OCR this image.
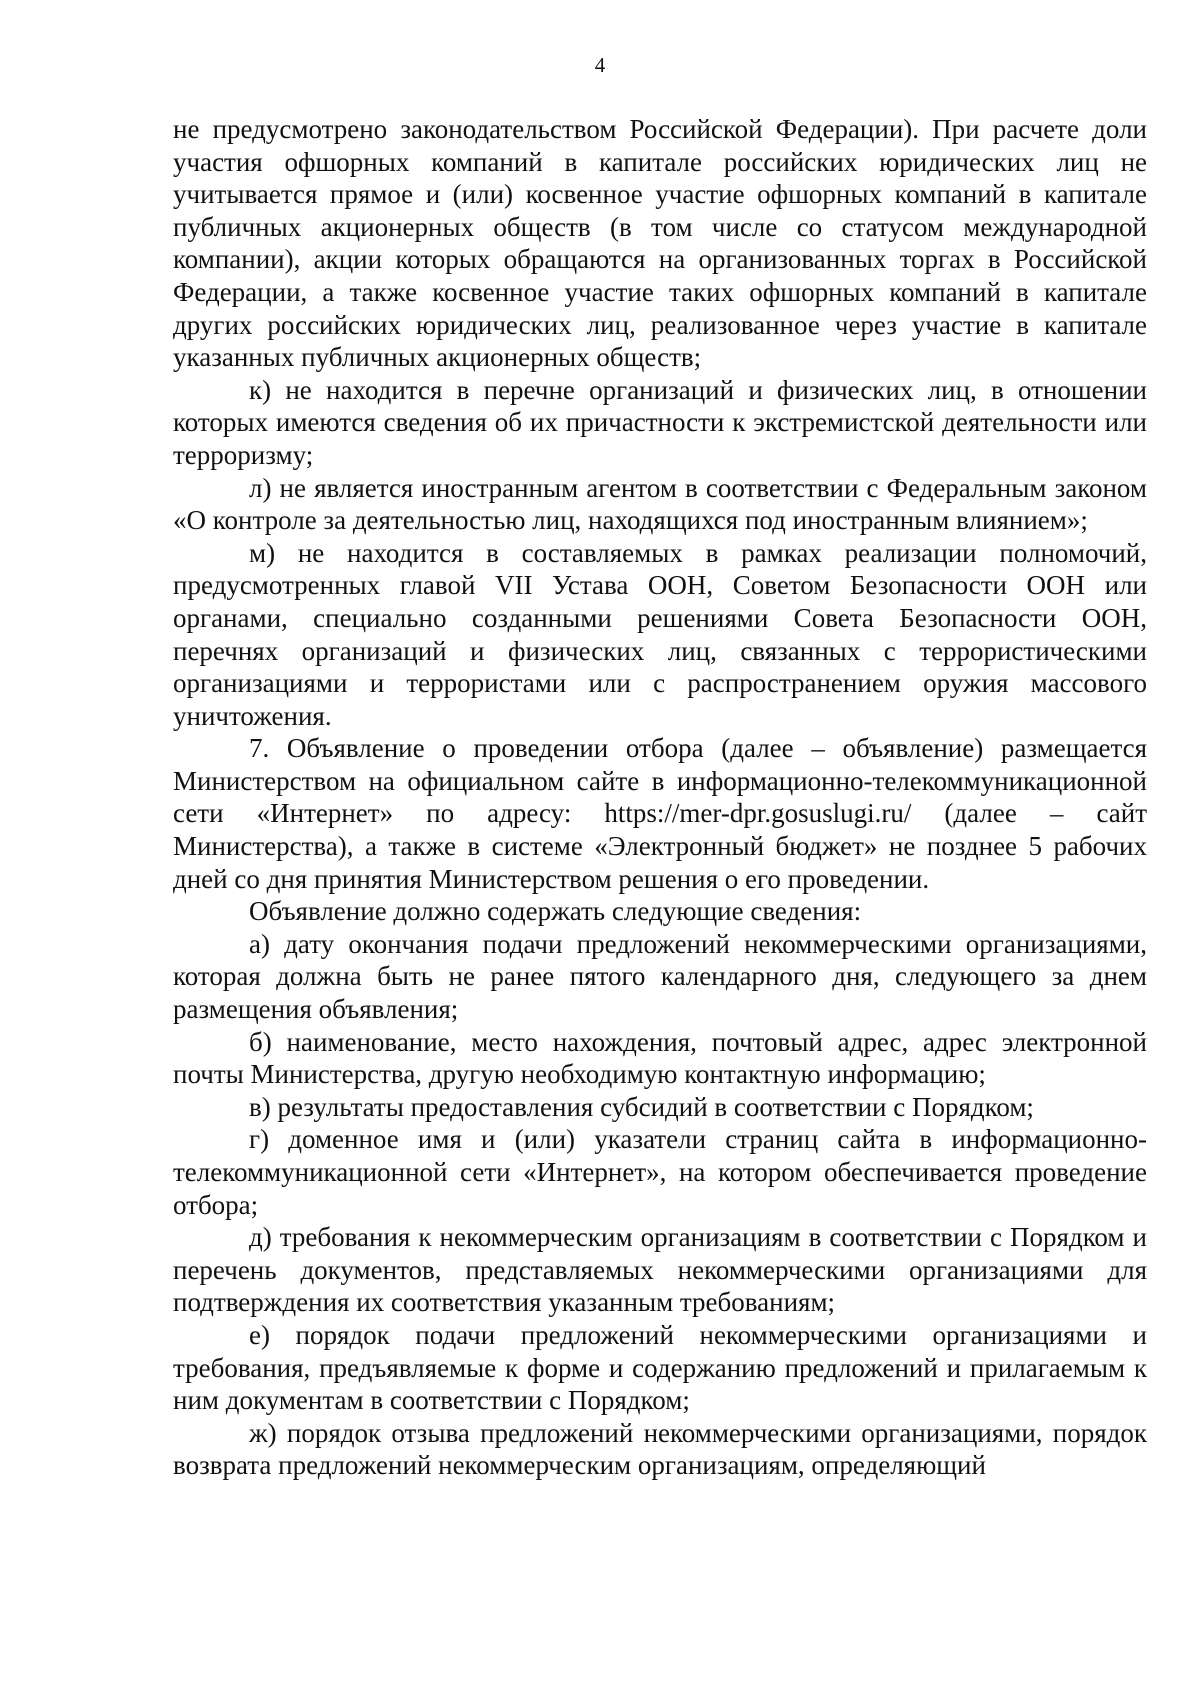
4

не предусмотрено законодательством Российской Федерации). При расчете доли участия офшорных компаний в капитале российских юридических лиц не учитывается прямое и (или) косвенное участие офшорных компаний в капитале публичных акционерных обществ (в том числе со статусом международной компании), акции которых обращаются на организованных торгах в Российской Федерации, а также косвенное участие таких офшорных компаний в капитале других российских юридических лиц, реализованное через участие в капитале указанных публичных акционерных обществ;

к) не находится в перечне организаций и физических лиц, в отношении которых имеются сведения об их причастности к экстремистской деятельности или терроризму;

л) не является иностранным агентом в соответствии с Федеральным законом «О контроле за деятельностью лиц, находящихся под иностранным влиянием»;

м) не находится в составляемых в рамках реализации полномочий, предусмотренных главой VII Устава ООН, Советом Безопасности ООН или органами, специально созданными решениями Совета Безопасности ООН, перечнях организаций и физических лиц, связанных с террористическими организациями и террористами или с распространением оружия массового уничтожения.

7. Объявление о проведении отбора (далее – объявление) размещается Министерством на официальном сайте в информационно-телекоммуникационной сети «Интернет» по адресу: https://mer-dpr.gosuslugi.ru/ (далее – сайт Министерства), а также в системе «Электронный бюджет» не позднее 5 рабочих дней со дня принятия Министерством решения о его проведении.

Объявление должно содержать следующие сведения:

а) дату окончания подачи предложений некоммерческими организациями, которая должна быть не ранее пятого календарного дня, следующего за днем размещения объявления;

б) наименование, место нахождения, почтовый адрес, адрес электронной почты Министерства, другую необходимую контактную информацию;

в) результаты предоставления субсидий в соответствии с Порядком;

г) доменное имя и (или) указатели страниц сайта в информационно-телекоммуникационной сети «Интернет», на котором обеспечивается проведение отбора;

д) требования к некоммерческим организациям в соответствии с Порядком и перечень документов, представляемых некоммерческими организациями для подтверждения их соответствия указанным требованиям;

е) порядок подачи предложений некоммерческими организациями и требования, предъявляемые к форме и содержанию предложений и прилагаемым к ним документам в соответствии с Порядком;

ж) порядок отзыва предложений некоммерческими организациями, порядок возврата предложений некоммерческим организациям, определяющий
